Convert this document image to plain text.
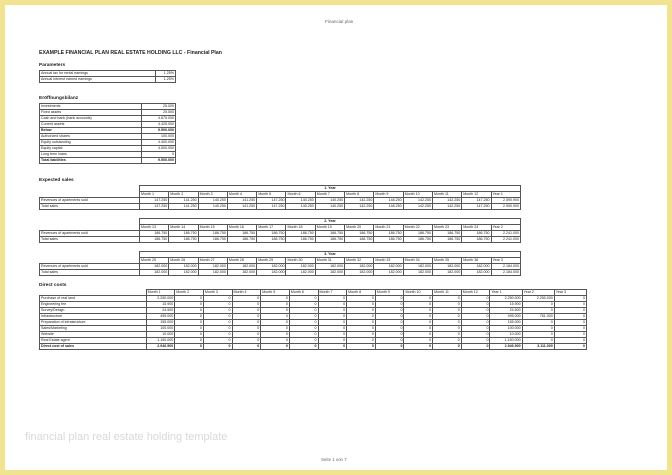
Financial plan
EXAMPLE FINANCIAL PLAN REAL ESTATE HOLDING LLC - Financial Plan
Parameters
Annual tax for rental earnings	1.25%
Annual interest earned earnings	1.25%
Eröffnungsbilanz
Investments	25.000
Fixed assets	25.500
Cash and bank (bank accounts)	4.675.000
Current assets	4.425.000
Below	9.500.000
Authorized shares	100.000
Equity outstanding	4.400.000
Equity capital	4.500.000
Long term loans	0
Total liabilities	9.500.000
Expected sales
	1. Year												
	Month 1	Month 2	Month 3	Month 4	Month 5	Month 6	Month 7	Month 8	Month 9	Month 10	Month 11	Month 12	Year 1
Revenues of apartments sold	147.250	141.250	140.250	141.250	147.250	140.250	140.250	142.250	148.250	142.250	142.250	147.250	2.590.900
Total sales	147.250	141.250	140.250	141.250	147.250	140.250	140.250	142.250	148.250	142.250	142.250	147.250	2.590.900
	2. Year												
	Month 13	Month 14	Month 15	Month 16	Month 17	Month 18	Month 19	Month 20	Month 21	Month 22	Month 23	Month 24	Year 2
Revenues of apartments sold	186.750	186.750	186.750	186.750	186.750	186.750	186.750	186.750	186.750	186.750	186.750	186.750	2.241.000
Total sales	186.750	186.750	186.750	186.750	186.750	186.750	186.750	186.750	186.750	186.750	186.750	186.750	2.241.000
	3. Year												
	Month 25	Month 26	Month 27	Month 28	Month 29	Month 30	Month 31	Month 32	Month 33	Month 34	Month 35	Month 36	Year 3
Revenues of apartments sold	182.000	182.000	182.000	182.000	182.000	182.000	182.000	182.000	182.000	182.000	182.000	182.000	2.184.000
Total sales	182.000	182.000	182.000	182.000	182.000	182.000	182.000	182.000	182.000	182.000	182.000	182.000	2.184.000
Direct costs
	Month 1	Month 2	Month 3	Month 4	Month 5	Month 6	Month 7	Month 8	Month 9	Month 10	Month 11	Month 12	Year 1	Year 2	Year 3
Purchase of real land	2.250.000	0	0	0	0	0	0	0	0	0	0	0	2.250.000	2.250.000	0
Engineering fee	15.900	0	0	0	0	0	0	0	0	0	0	0	15.900	0	0
Survey/Design	24.500	0	0	0	0	0	0	0	0	0	0	0	24.500	0	0
Infrastructure	495.000	0	0	0	0	0	0	0	0	0	0	0	495.000	761.000	0
Preparation of infrastructure	155.000	0	0	0	0	0	0	0	0	0	0	0	155.000	0	0
Sales/Marketing	100.000	0	0	0	0	0	0	0	0	0	0	0	100.000	0	0
Website	10.000	0	0	0	0	0	0	0	0	0	0	0	10.000	0	0
Real Estate agent	1.150.000	0	0	0	0	0	0	0	0	0	0	0	1.150.000	0	0
Direct cost of sales	2.946.900	0	0	0	0	0	0	0	0	0	0	0	2.946.900	3.111.000	0
financial plan real estate holding template
Seite 1 von 7
